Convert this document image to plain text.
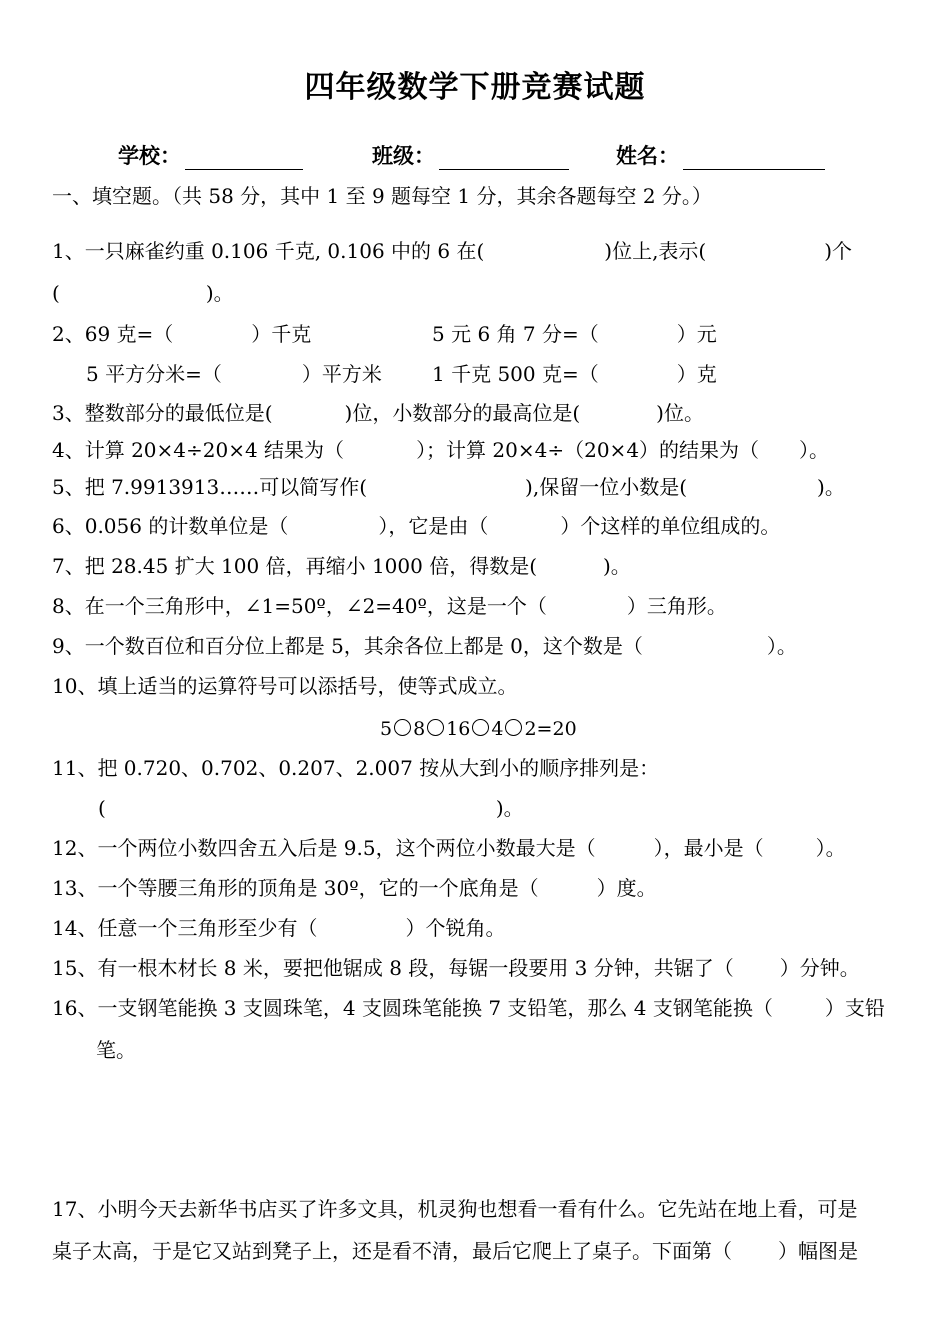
四年级数学下册竞赛试题
学校：	班级：	姓名：
一、填空题。（共 58 分，其中 1 至 9 题每空 1 分，其余各题每空 2 分。）
1、一只麻雀约重 0.106 千克, 0.106 中的 6 在(	)位上,表示(	)个
(	)。
2、69 克=（	）千克	5 元 6 角 7 分=（	）元
5 平方分米=（	）平方米	1 千克 500 克=（	）克
3、整数部分的最低位是(	)位，小数部分的最高位是(	)位。
4、计算 20×4÷20×4 结果为（	）；计算 20×4÷（20×4）的结果为（ ）。
5、把 7.9913913……可以简写作(	),保留一位小数是(	)。
6、0.056 的计数单位是（	），它是由（	）个这样的单位组成的。
7、把 28.45 扩大 100 倍，再缩小 1000 倍，得数是(	)。
8、在一个三角形中，∠1=50º，∠2=40º，这是一个（	）三角形。
9、一个数百位和百分位上都是 5，其余各位上都是 0，这个数是（	）。
10、填上适当的运算符号可以添括号，使等式成立。
5 8 16 4 2=20
11、把 0.720、0.702、0.207、2.007 按从大到小的顺序排列是：
(	)。
12、一个两位小数四舍五入后是 9.5，这个两位小数最大是（	），最小是（	）。
13、一个等腰三角形的顶角是 30º，它的一个底角是（	）度。
14、任意一个三角形至少有（	）个锐角。
15、有一根木材长 8 米，要把他锯成 8 段，每锯一段要用 3 分钟，共锯了（ ）分钟。
16、一支钢笔能换 3 支圆珠笔，4 支圆珠笔能换 7 支铅笔，那么 4 支钢笔能换（	）支铅
笔。
17、小明今天去新华书店买了许多文具，机灵狗也想看一看有什么。它先站在地上看，可是
桌子太高，于是它又站到凳子上，还是看不清，最后它爬上了桌子。下面第（ ）幅图是
